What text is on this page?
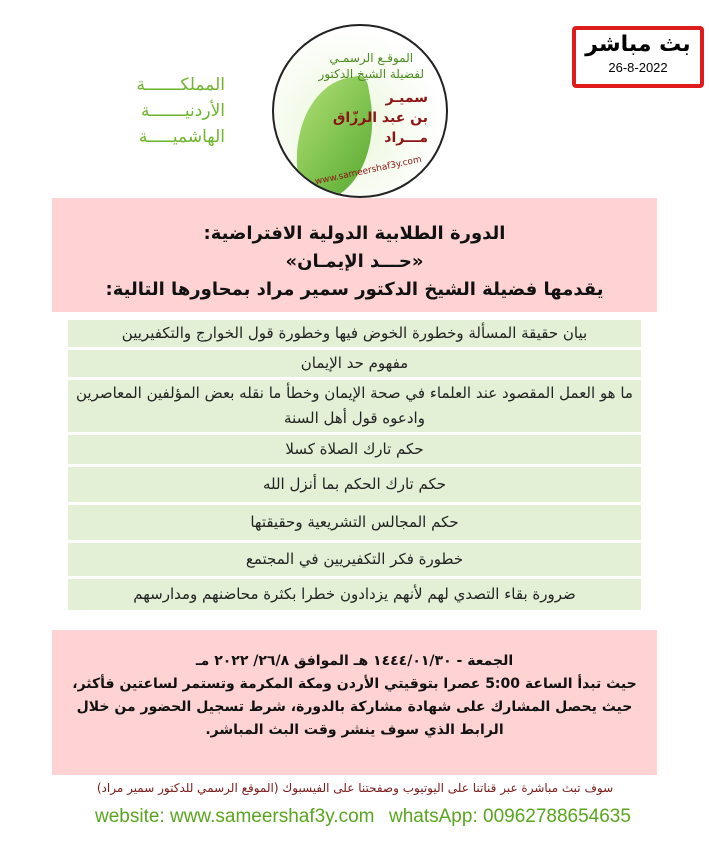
المملكـــــــة
الأردنيـــــــة
الهاشميـــــة
الموقـع الرسمـي
لفضيلة الشيخ الدكتور
سميـر
بن عبد الرزّاق
مـــراد
www.sameershaf3y.com
بث مباشر
26-8-2022
الدورة الطلابية الدولية الافتراضية:
«حـــد الإيمـان»
يقدمها فضيلة الشيخ الدكتور سمير مراد بمحاورها التالية:
بيان حقيقة المسألة وخطورة الخوض فيها وخطورة قول الخوارج والتكفيريين
مفهوم حد الإيمان
ما هو العمل المقصود عند العلماء في صحة الإيمان وخطأ ما نقله بعض المؤلفين المعاصرين وادعوه قول أهل السنة
حكم تارك الصلاة كسلا
حكم تارك الحكم بما أنزل الله
حكم المجالس التشريعية وحقيقتها
خطورة فكر التكفيريين في المجتمع
ضرورة بقاء التصدي لهم لأنهم يزدادون خطرا بكثرة محاضنهم ومدارسهم
الجمعة - ١٤٤٤/٠١/٣٠ هـ الموافق ٢٦/٨/ ٢٠٢٢ مـ
حيث تبدأ الساعة 5:00 عصرا بتوقيتي الأردن ومكة المكرمة وتستمر لساعتين فأكثر، حيث يحصل المشارك على شهادة مشاركة بالدورة، شرط تسجيل الحضور من خلال الرابط الذي سوف ينشر وقت البث المباشر.
سوف تبث مباشرة عبر قناتنا على اليوتيوب وصفحتنا على الفيسبوك (الموقع الرسمي للدكتور سمير مراد)
website: www.sameershaf3y.com whatsApp: 00962788654635
